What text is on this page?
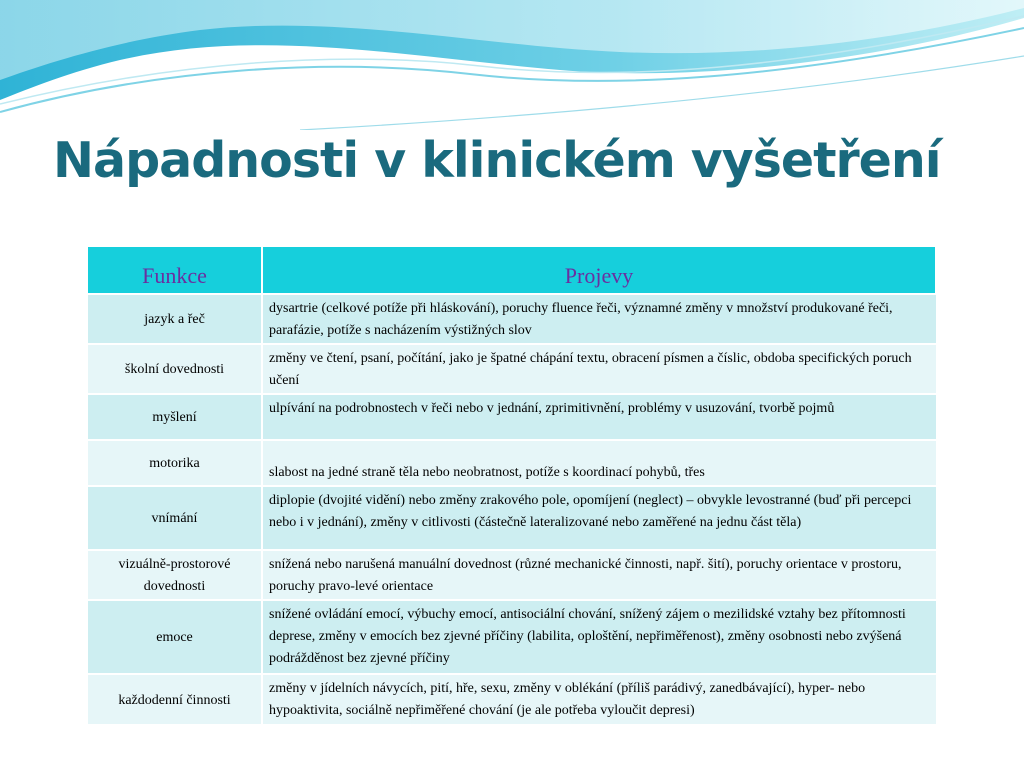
Nápadnosti v klinickém vyšetření
Funkce	Projevy

jazyk a řeč	dysartrie (celkové potíže při hláskování), poruchy fluence řeči, významné změny v množství produkované řeči, parafázie, potíže s nacházením výstižných slov
školní dovednosti	změny ve čtení, psaní, počítání, jako je špatné chápání textu, obracení písmen a číslic, obdoba specifických poruch učení
myšlení	ulpívání na podrobnostech v řeči nebo v jednání, zprimitivnění, problémy v usuzování, tvorbě pojmů
motorika	slabost na jedné straně těla nebo neobratnost, potíže s koordinací pohybů, třes
vnímání	diplopie (dvojité vidění) nebo změny zrakového pole, opomíjení (neglect) – obvykle levostranné (buď při percepci nebo i v jednání), změny v citlivosti (částečně lateralizované nebo zaměřené na jednu část těla)
vizuálně-prostorové dovednosti	snížená nebo narušená manuální dovednost (různé mechanické činnosti, např. šití), poruchy orientace v prostoru, poruchy pravo-levé orientace
emoce	snížené ovládání emocí, výbuchy emocí, antisociální chování, snížený zájem o mezilidské vztahy bez přítomnosti deprese, změny v emocích bez zjevné příčiny (labilita, oploštění, nepřiměřenost), změny osobnosti nebo zvýšená podrážděnost bez zjevné příčiny
každodenní činnosti	změny v jídelních návycích, pití, hře, sexu, změny v oblékání (příliš parádivý, zanedbávající), hyper- nebo hypoaktivita, sociálně nepřiměřené chování (je ale potřeba vyloučit depresi)
